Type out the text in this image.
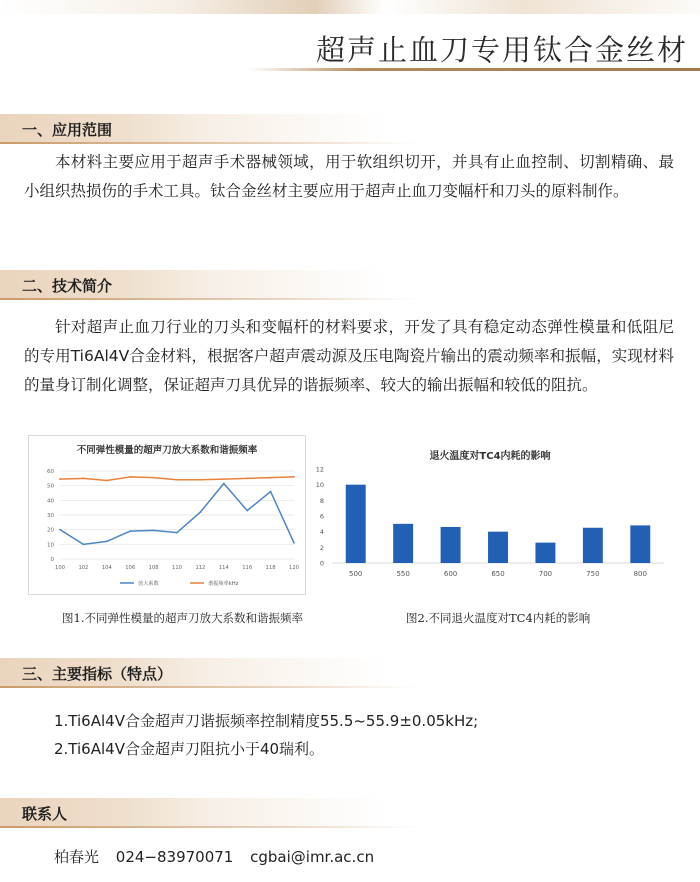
超声止血刀专用钛合金丝材
一、应用范围
本材料主要应用于超声手术器械领域，用于软组织切开，并具有止血控制、切割精确、最小组织热损伤的手术工具。钛合金丝材主要应用于超声止血刀变幅杆和刀头的原料制作。
二、技术简介
针对超声止血刀行业的刀头和变幅杆的材料要求，开发了具有稳定动态弹性模量和低阻尼的专用Ti6Al4V合金材料，根据客户超声震动源及压电陶瓷片输出的震动频率和振幅，实现材料的量身订制化调整，保证超声刀具优异的谐振频率、较大的输出振幅和较低的阻抗。
不同弹性模量的超声刀放大系数和谐振频率
0
10
20
30
40
50
60
100	102	104	106	108	110	112	114	116	118	120
放大系数	谐振频率kHz
图1.不同弹性模量的超声刀放大系数和谐振频率
退火温度对TC4内耗的影响
0
2
4
6
8
10
12
500	550	600	650	700	750	800
图2.不同退火温度对TC4内耗的影响
三、主要指标（特点）
1.Ti6Al4V合金超声刀谐振频率控制精度55.5~55.9±0.05kHz;
2.Ti6Al4V合金超声刀阻抗小于40瑞利。
联系人
柏春光 024−83970071 cgbai@imr.ac.cn
